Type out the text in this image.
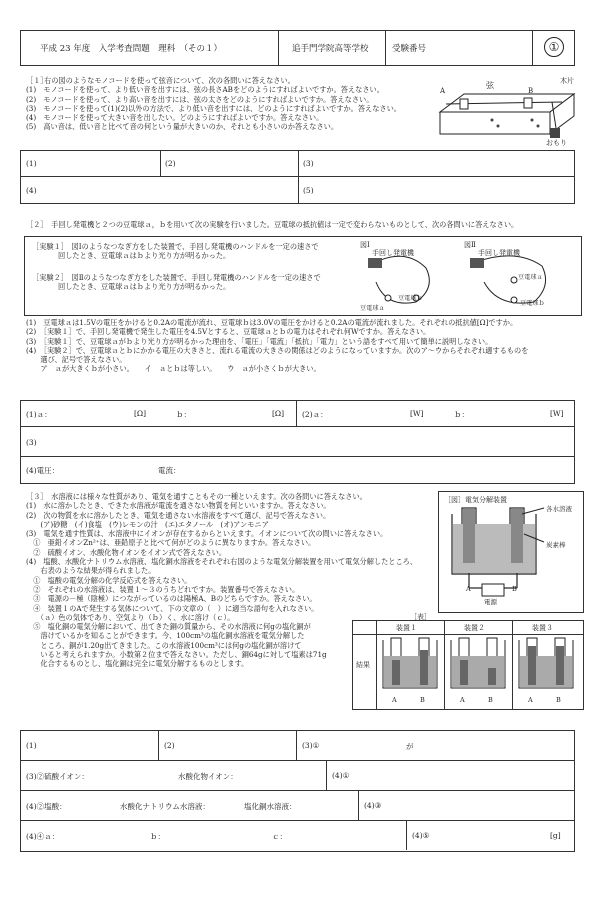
平成 23 年度　入学考査問題　理科　（その１）	追手門学院高等学校	受験番号	①
［１］
右の図のようなモノコードを使って弦音について、次の各問いに答えなさい。
(1)　モノコードを使って、より低い音を出すには、弦の長さABをどのようにすればよいですか。答えなさい。
(2)　モノコードを使って、より高い音を出すには、弦の太さをどのようにすればよいですか。答えなさい。
(3)　モノコードを使って(1)(2)以外の方法で、より低い音を出すには、どのようにすればよいですか。答えなさい。
(4)　モノコードを使って大きい音を出したい。どのようにすればよいですか。答えなさい。
(5)　高い音は、低い音と比べて音の何という量が大きいのか、それとも小さいのか答えなさい。
A	B
弦	木片
おもり
(1)	(2)	(3)
(4)	(5)
［２］　手回し発電機と２つの豆電球ａ，ｂを用いて次の実験を行いました。豆電球の抵抗値は一定で変わらないものとして、次の各問いに答えなさい。
［実験１］　図Ⅰのようなつなぎ方をした装置で、手回し発電機のハンドルを一定の速さで
回したとき、豆電球ａはｂより光り方が明るかった。
［実験２］　図Ⅱのようなつなぎ方をした装置で、手回し発電機のハンドルを一定の速さで
回したとき、豆電球ａはｂより光り方が明るかった。
図Ⅰ
手回し発電機
豆電球ａ
豆電球ｂ
図Ⅱ
手回し発電機
豆電球ａ
豆電球ｂ
(1)　豆電球ａは1.5Vの電圧をかけると0.2Aの電流が流れ、豆電球ｂは3.0Vの電圧をかけると0.2Aの電流が流れました。それぞれの抵抗値[Ω]ですか。
(2)　［実験１］で、手回し発電機で発生した電圧を4.5Vとすると、豆電球ａとｂの電力はそれぞれ何Wですか。答えなさい。
(3)　［実験１］で、豆電球ａがｂより光り方が明るかった理由を、「電圧」「電流」「抵抗」「電力」という語をすべて用いて簡単に説明しなさい。
(4)　［実験２］で、豆電球ａとｂにかかる電圧の大きさと、流れる電流の大きさの関係はどのようになっていますか。次のア〜ウからそれぞれ適するものを
　　選び、記号で答えなさい。
　　ア　ａが大きくｂが小さい。　　イ　ａとｂは等しい。　　ウ　ａが小さくｂが大きい。
(1)ａ：	[Ω]	ｂ：	[Ω] (2)ａ：	[W]	ｂ：	[W]
(3)
(4)電圧：	電流：
［３］　水溶液には様々な性質があり、電気を通すこともその一種といえます。次の各問いに答えなさい。
(1)　水に溶かしたとき、できた水溶液が電流を通さない物質を何といいますか。答えなさい。
(2)　次の物質を水に溶かしたとき、電気を通さない水溶液をすべて選び、記号で答えなさい。
　　(ア)砂糖　(イ)食塩　(ウ)レモンの汁　(エ)エタノール　(オ)アンモニア
(3)　電気を通す性質は、水溶液中にイオンが存在するからといえます。イオンについて次の問いに答えなさい。
　①　亜鉛イオンZn²⁺は、亜鉛原子と比べて何がどのように異なりますか。答えなさい。
　②　硫酸イオン、水酸化物イオンをイオン式で答えなさい。
(4)　塩酸、水酸化ナトリウム水溶液、塩化銅水溶液をそれぞれ右図のような電気分解装置を用いて電気分解したところ、
　　右表のような結果が得られました。
　①　塩酸の電気分解の化学反応式を答えなさい。
　②　それぞれの水溶液は、装置１〜３のうちどれですか。装置番号で答えなさい。
　③　電源の－極（陰極）につながっているのは陽極A、Bのどちらですか。答えなさい。
　④　装置１のAで発生する気体について、下の文章の（　）に適当な語句を入れなさい。
　　（ａ）色の気体であり、空気より（ｂ）く、水に溶け（ｃ）。
　⑤　塩化銅の電気分解において、出てきた銅の質量から、その水溶液に何gの塩化銅が
　　溶けているかを知ることができます。今、100cm³の塩化銅水溶液を電気分解した
　　ところ、銅が1.20g出てきました。この水溶液100cm³には何gの塩化銅が溶けて
　　いると考えられますか。小数第２位まで答えなさい。ただし、銅64gに対して塩素は71g
　　化合するものとし、塩化銅は完全に電気分解するものとします。
［図］電気分解装置
各水溶液
炭素棒
A	B
電源
［表］
結果
装置１	装置２	装置３
A	B	A	B	A	B
(1)	(2)	(3)①	が
(3)②硫酸イオン：	水酸化物イオン：	(4)①
(4)②塩酸：	水酸化ナトリウム水溶液：	塩化銅水溶液：	(4)③
(4)④ａ：	ｂ：	ｃ：	(4)⑤	[g]
